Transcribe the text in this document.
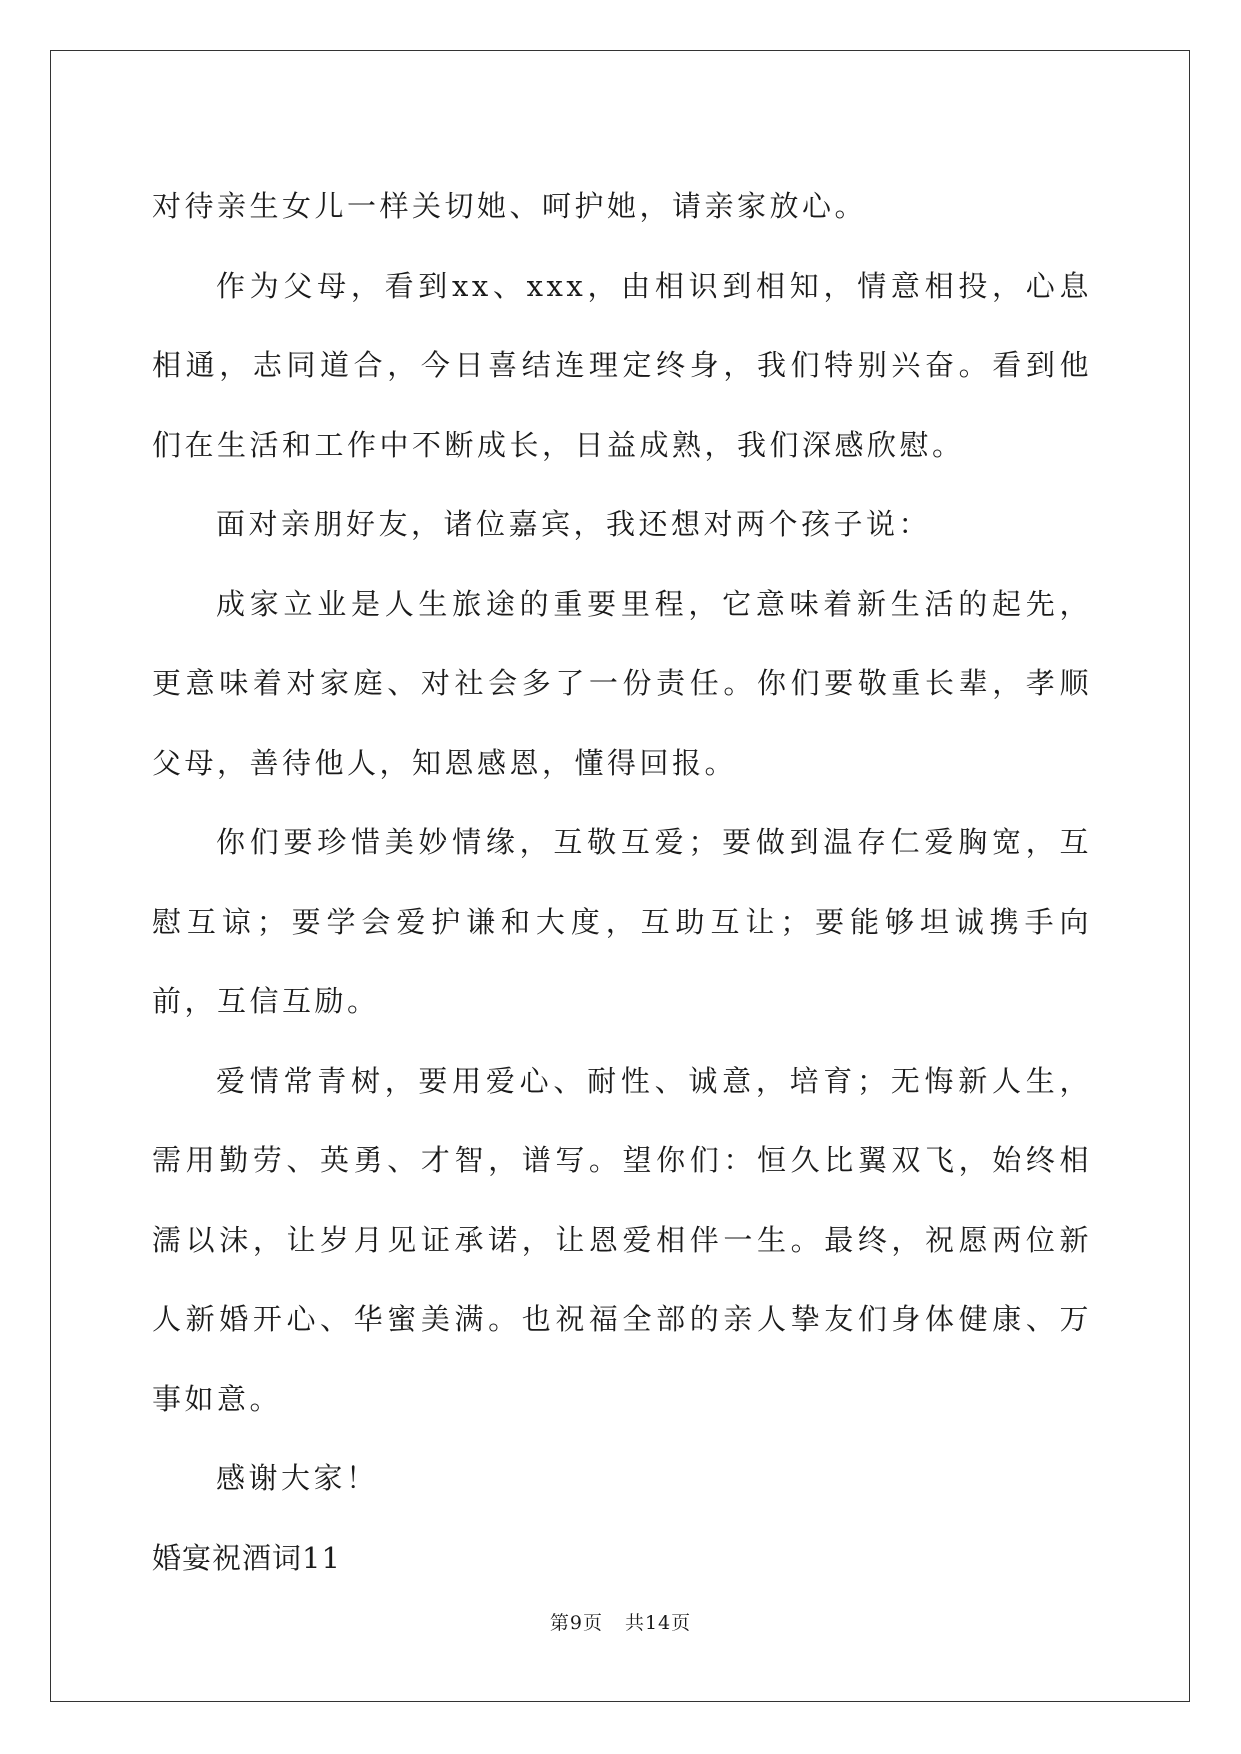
对待亲生女儿一样关切她、呵护她，请亲家放心。

作为父母，看到xx、xxx，由相识到相知，情意相投，心息相通，志同道合，今日喜结连理定终身，我们特别兴奋。看到他们在生活和工作中不断成长，日益成熟，我们深感欣慰。

面对亲朋好友，诸位嘉宾，我还想对两个孩子说：

成家立业是人生旅途的重要里程，它意味着新生活的起先，更意味着对家庭、对社会多了一份责任。你们要敬重长辈，孝顺父母，善待他人，知恩感恩，懂得回报。

你们要珍惜美妙情缘，互敬互爱；要做到温存仁爱胸宽，互慰互谅；要学会爱护谦和大度，互助互让；要能够坦诚携手向前，互信互励。

爱情常青树，要用爱心、耐性、诚意，培育；无悔新人生，需用勤劳、英勇、才智，谱写。望你们：恒久比翼双飞，始终相濡以沫，让岁月见证承诺，让恩爱相伴一生。最终，祝愿两位新人新婚开心、华蜜美满。也祝福全部的亲人挚友们身体健康、万事如意。

感谢大家！

婚宴祝酒词11

第9页 共14页
